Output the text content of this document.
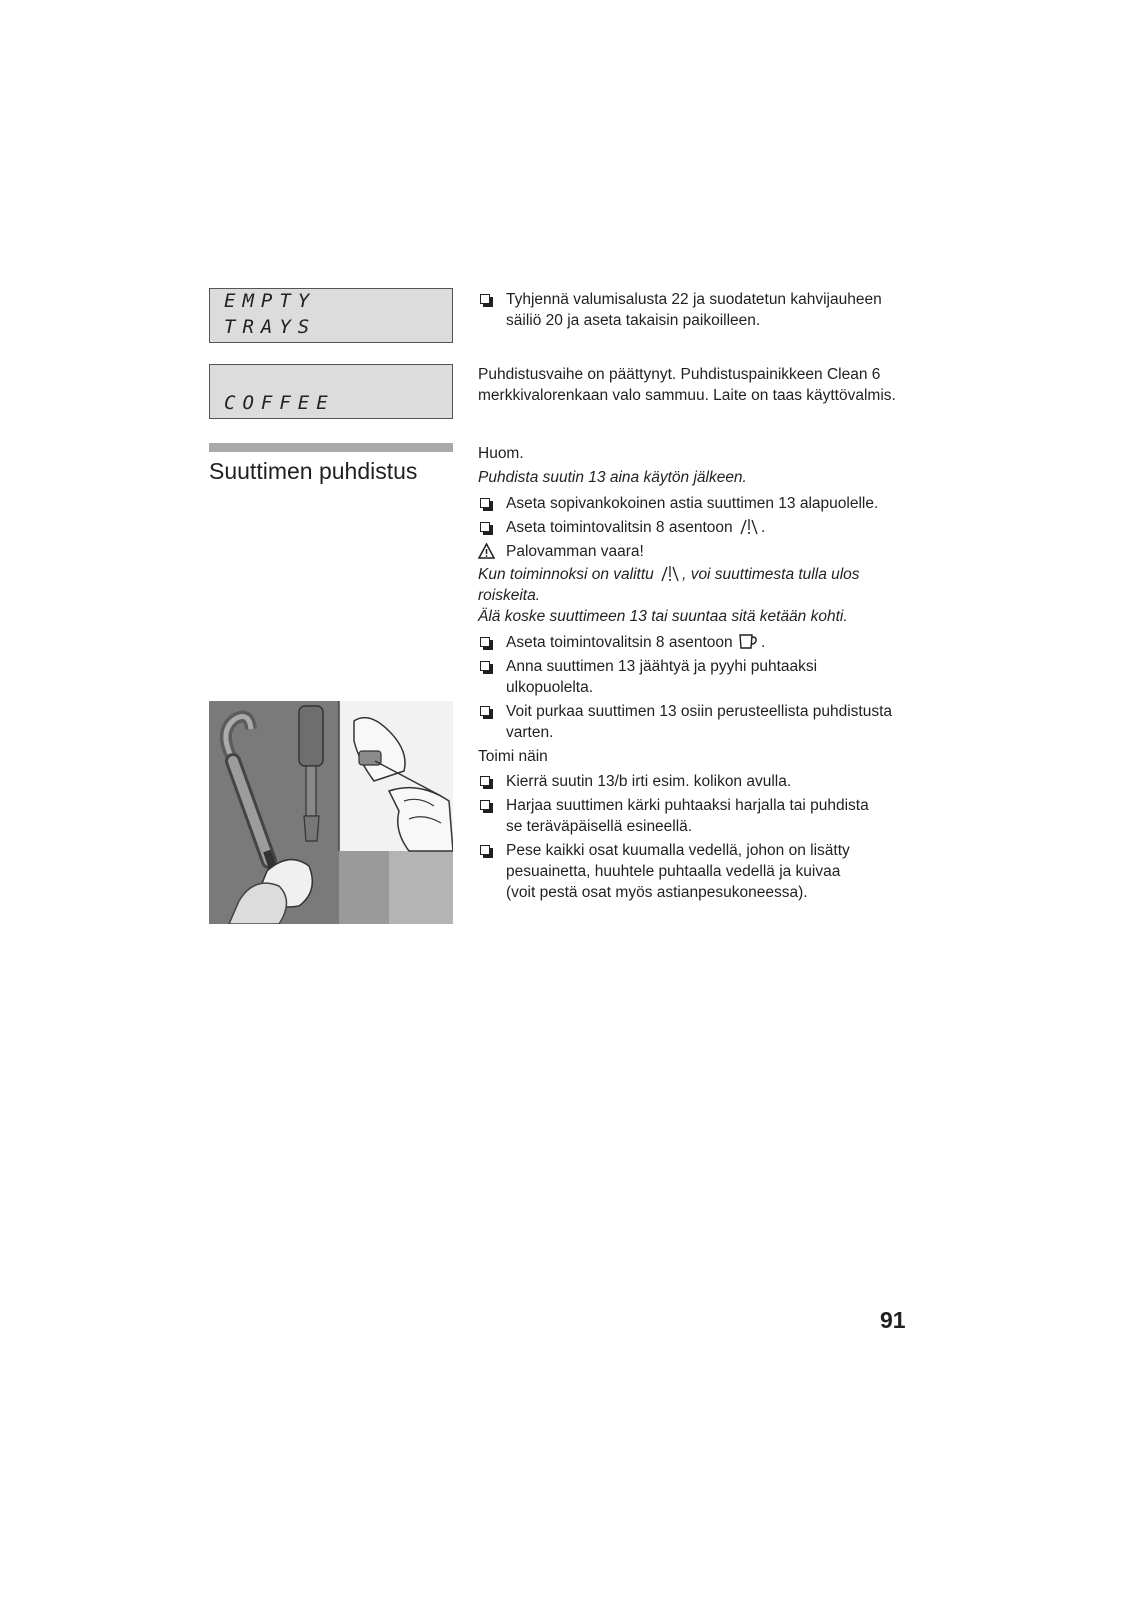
EMPTY
TRAYS
COFFEE
Suuttimen puhdistus

Tyhjennä valumisalusta 22 ja suodatetun kahvijauheen

säiliö 20 ja aseta takaisin paikoilleen.

Puhdistusvaihe on päättynyt. Puhdistuspainikkeen Clean 6

merkkivalorenkaan valo sammuu. Laite on taas käyttövalmis.

Huom.

Puhdista suutin 13 aina käytön jälkeen.

Aseta sopivankokoinen astia suuttimen 13 alapuolelle.

Aseta toimintovalitsin 8 asentoon .

Palovamman vaara!

Kun toiminnoksi on valittu , voi suuttimesta tulla ulos

roiskeita.

Älä koske suuttimeen 13 tai suuntaa sitä ketään kohti.

Aseta toimintovalitsin 8 asentoon .

Anna suuttimen 13 jäähtyä ja pyyhi puhtaaksi

ulkopuolelta.

Voit purkaa suuttimen 13 osiin perusteellista puhdistusta

varten.

Toimi näin

Kierrä suutin 13/b irti esim. kolikon avulla.

Harjaa suuttimen kärki puhtaaksi harjalla tai puhdista

se teräväpäisellä esineellä.

Pese kaikki osat kuumalla vedellä, johon on lisätty

pesuainetta, huuhtele puhtaalla vedellä ja kuivaa

(voit pestä osat myös astianpesukoneessa).

91
